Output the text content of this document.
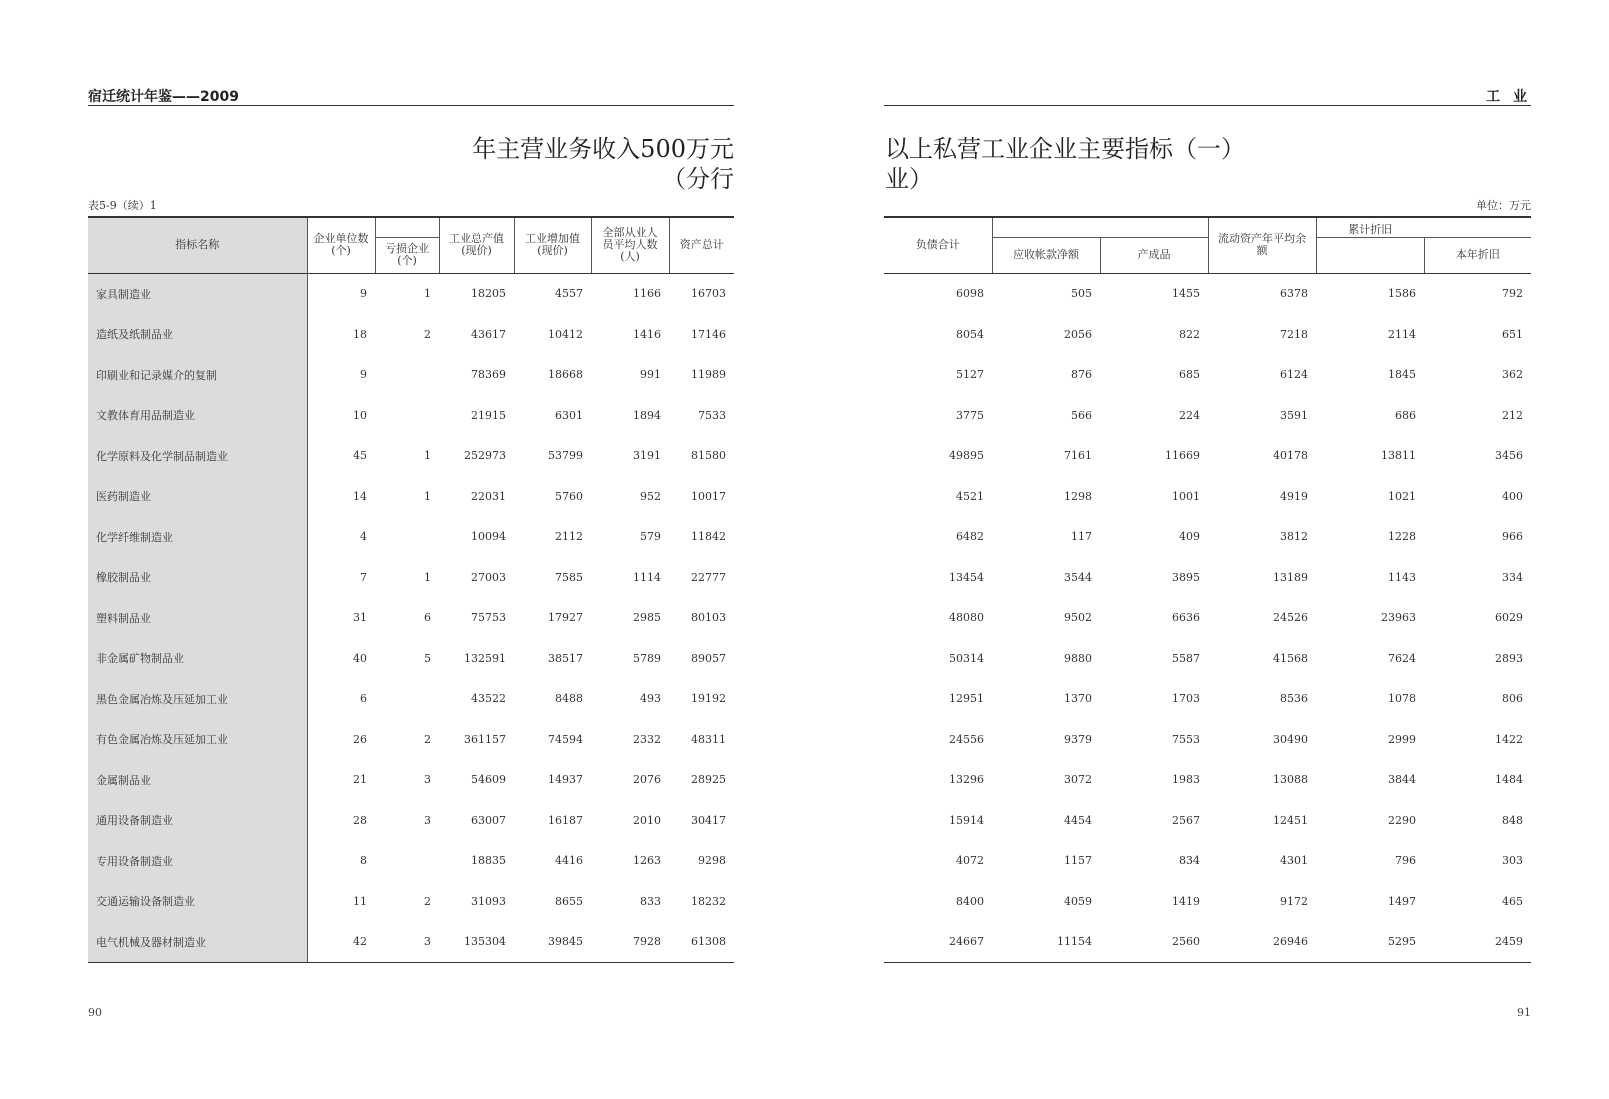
宿迁统计年鉴——2009	工 业
年主营业务收入500万元
（分行
以上私营工业企业主要指标（一）
业）
表5-9（续）1	单位：万元
指标名称	企业单位数(个)		工业总产值(现价)	工业增加值(现价)	全部从业人员平均人数(人)	资产总计
		亏损企业(个)				
家具制造业	9	1	18205	4557	1166	16703
造纸及纸制品业	18	2	43617	10412	1416	17146
印刷业和记录媒介的复制	9		78369	18668	991	11989
文教体育用品制造业	10		21915	6301	1894	7533
化学原料及化学制品制造业	45	1	252973	53799	3191	81580
医药制造业	14	1	22031	5760	952	10017
化学纤维制造业	4		10094	2112	579	11842
橡胶制品业	7	1	27003	7585	1114	22777
塑料制品业	31	6	75753	17927	2985	80103
非金属矿物制品业	40	5	132591	38517	5789	89057
黑色金属冶炼及压延加工业	6		43522	8488	493	19192
有色金属冶炼及压延加工业	26	2	361157	74594	2332	48311
金属制品业	21	3	54609	14937	2076	28925
通用设备制造业	28	3	63007	16187	2010	30417
专用设备制造业	8		18835	4416	1263	9298
交通运输设备制造业	11	2	31093	8655	833	18232
电气机械及器材制造业	42	3	135304	39845	7928	61308
负债合计			流动资产年平均余额	累计折旧	
	应收帐款净额	产成品			本年折旧
6098	505	1455	6378	1586	792
8054	2056	822	7218	2114	651
5127	876	685	6124	1845	362
3775	566	224	3591	686	212
49895	7161	11669	40178	13811	3456
4521	1298	1001	4919	1021	400
6482	117	409	3812	1228	966
13454	3544	3895	13189	1143	334
48080	9502	6636	24526	23963	6029
50314	9880	5587	41568	7624	2893
12951	1370	1703	8536	1078	806
24556	9379	7553	30490	2999	1422
13296	3072	1983	13088	3844	1484
15914	4454	2567	12451	2290	848
4072	1157	834	4301	796	303
8400	4059	1419	9172	1497	465
24667	11154	2560	26946	5295	2459
90	91
